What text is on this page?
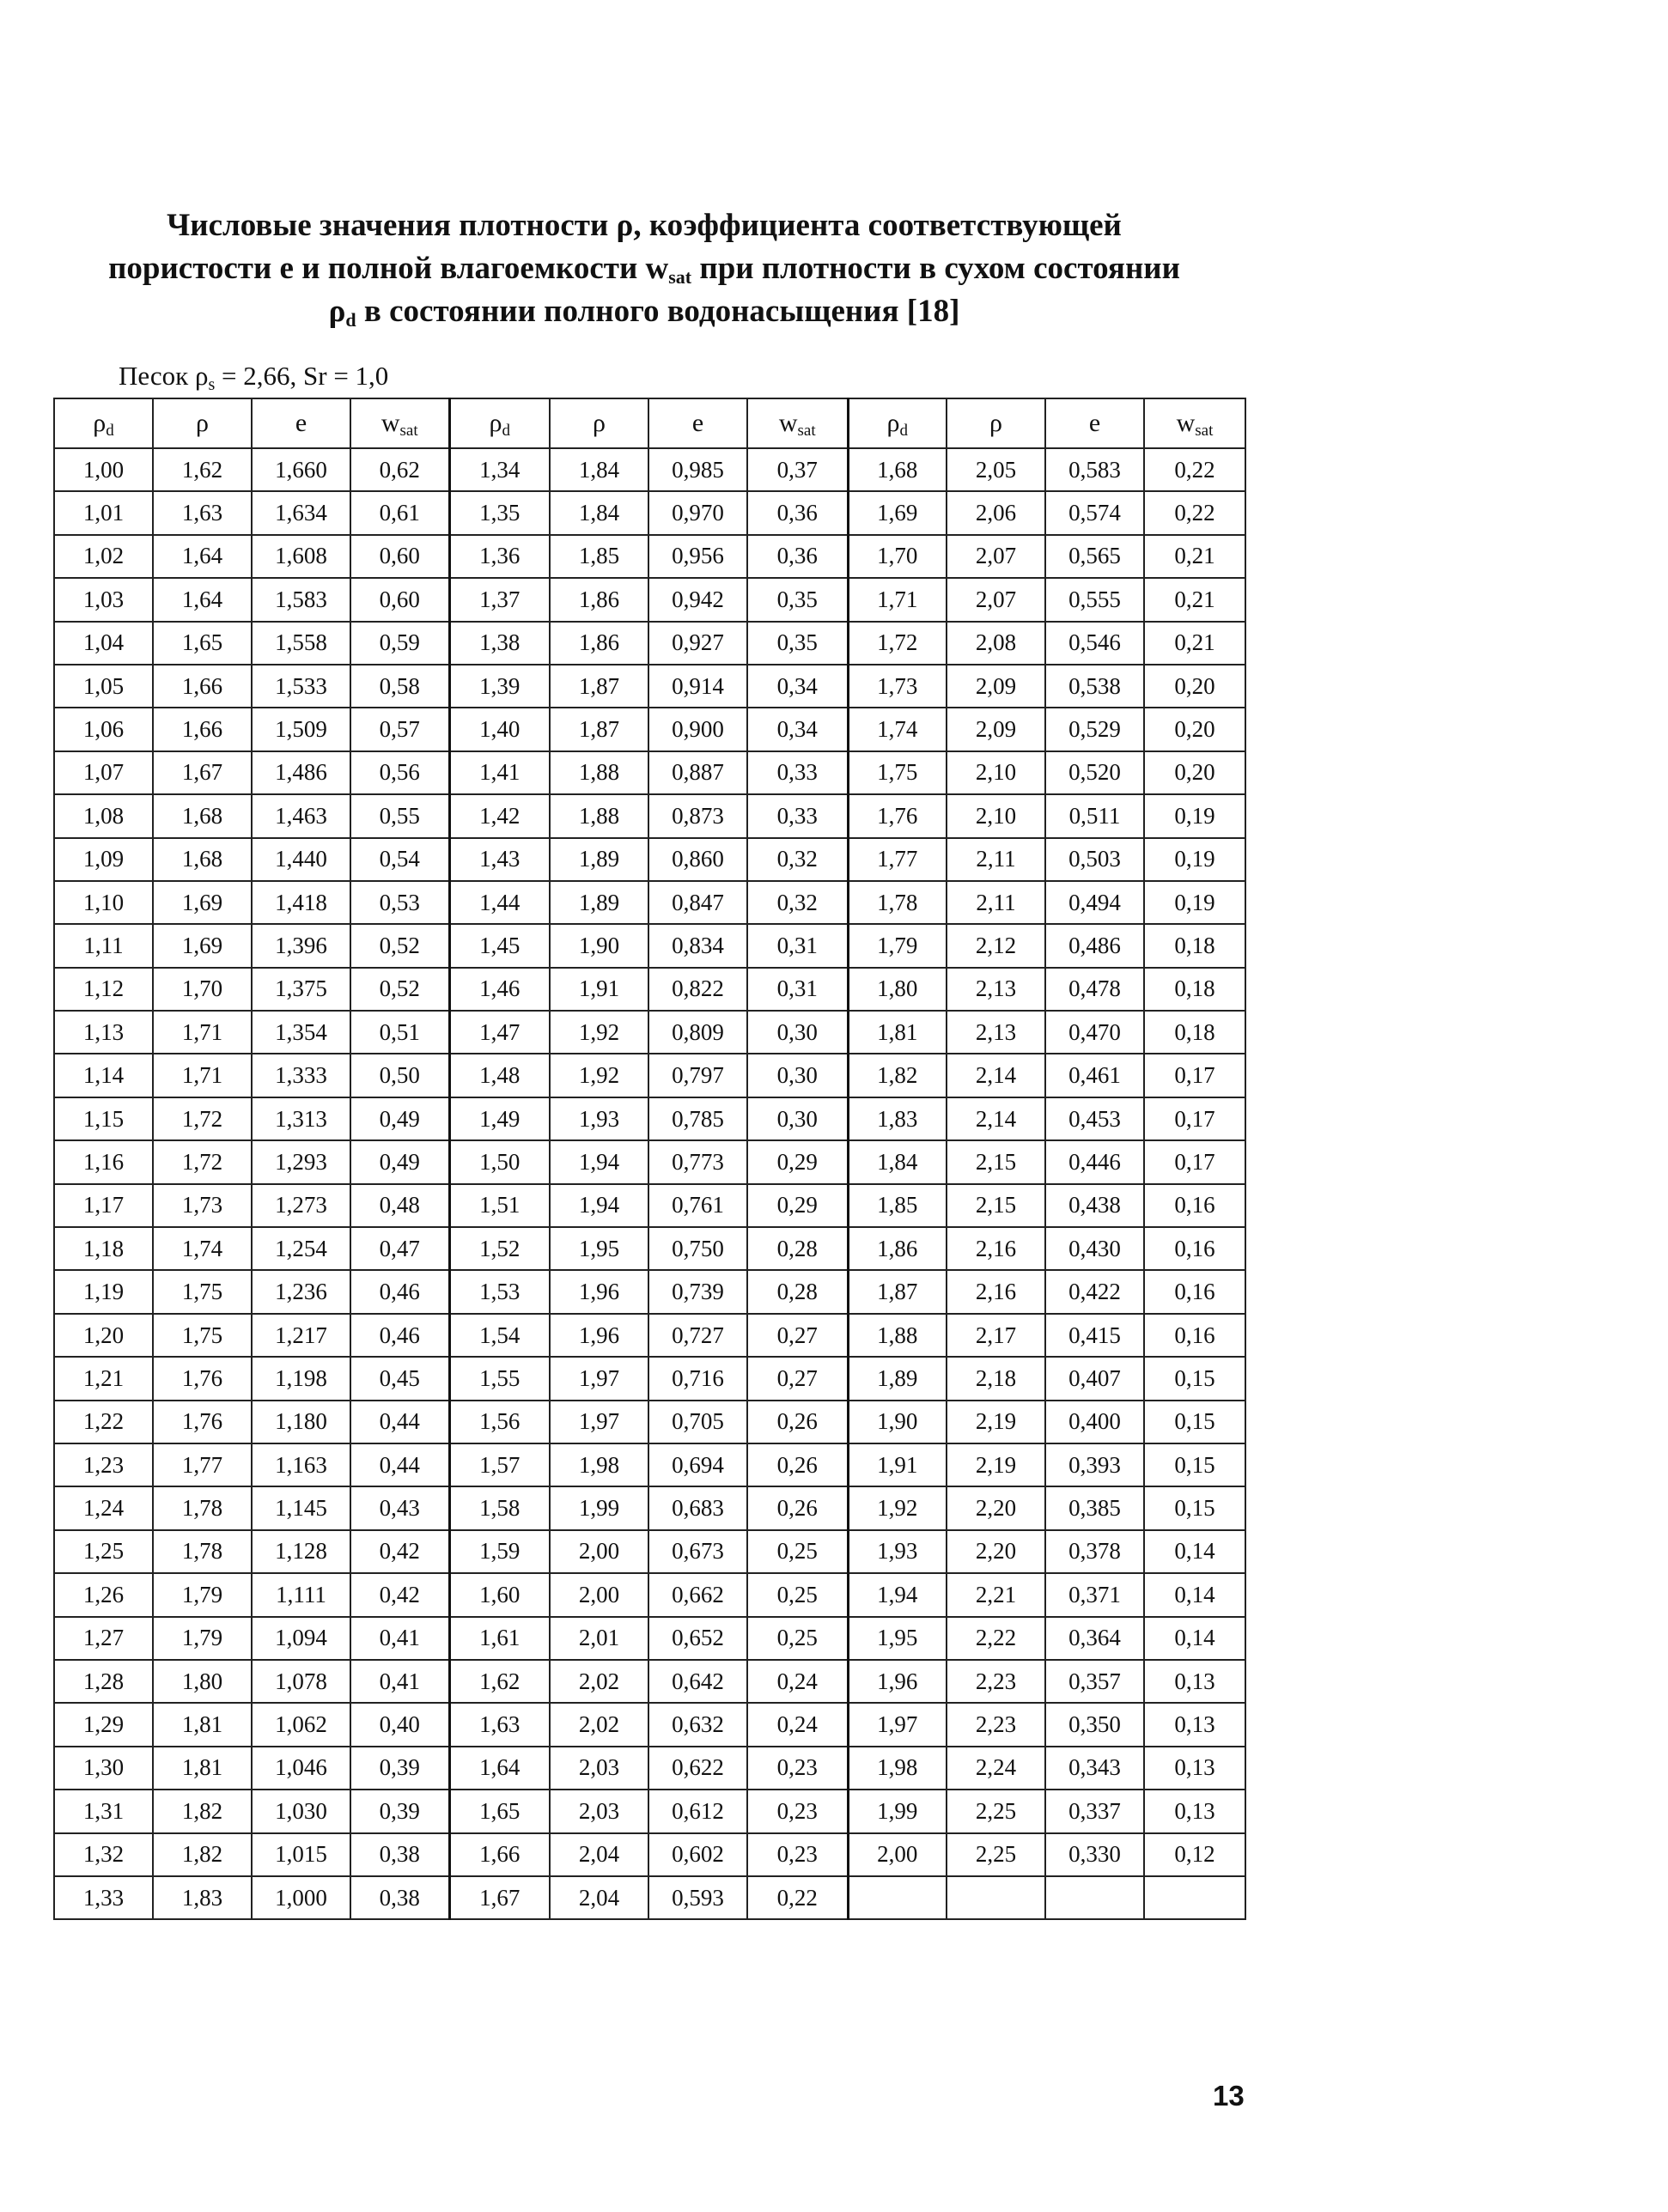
Числовые значения плотности ρ, коэффициента соответствующей
пористости e и полной влагоемкости $w_{sat}$ при плотности в сухом состоянии
$\rho_d$ в состоянии полного водонасыщения [18]
Песок $\rho_s = 2,66$, Sr = 1,0
$\rho_d$	ρ	e	$w_{sat}$	$\rho_d$	ρ	e	$w_{sat}$	$\rho_d$	ρ	e	$w_{sat}$
1,00	1,62	1,660	0,62	1,34	1,84	0,985	0,37	1,68	2,05	0,583	0,22
1,01	1,63	1,634	0,61	1,35	1,84	0,970	0,36	1,69	2,06	0,574	0,22
1,02	1,64	1,608	0,60	1,36	1,85	0,956	0,36	1,70	2,07	0,565	0,21
1,03	1,64	1,583	0,60	1,37	1,86	0,942	0,35	1,71	2,07	0,555	0,21
1,04	1,65	1,558	0,59	1,38	1,86	0,927	0,35	1,72	2,08	0,546	0,21
1,05	1,66	1,533	0,58	1,39	1,87	0,914	0,34	1,73	2,09	0,538	0,20
1,06	1,66	1,509	0,57	1,40	1,87	0,900	0,34	1,74	2,09	0,529	0,20
1,07	1,67	1,486	0,56	1,41	1,88	0,887	0,33	1,75	2,10	0,520	0,20
1,08	1,68	1,463	0,55	1,42	1,88	0,873	0,33	1,76	2,10	0,511	0,19
1,09	1,68	1,440	0,54	1,43	1,89	0,860	0,32	1,77	2,11	0,503	0,19
1,10	1,69	1,418	0,53	1,44	1,89	0,847	0,32	1,78	2,11	0,494	0,19
1,11	1,69	1,396	0,52	1,45	1,90	0,834	0,31	1,79	2,12	0,486	0,18
1,12	1,70	1,375	0,52	1,46	1,91	0,822	0,31	1,80	2,13	0,478	0,18
1,13	1,71	1,354	0,51	1,47	1,92	0,809	0,30	1,81	2,13	0,470	0,18
1,14	1,71	1,333	0,50	1,48	1,92	0,797	0,30	1,82	2,14	0,461	0,17
1,15	1,72	1,313	0,49	1,49	1,93	0,785	0,30	1,83	2,14	0,453	0,17
1,16	1,72	1,293	0,49	1,50	1,94	0,773	0,29	1,84	2,15	0,446	0,17
1,17	1,73	1,273	0,48	1,51	1,94	0,761	0,29	1,85	2,15	0,438	0,16
1,18	1,74	1,254	0,47	1,52	1,95	0,750	0,28	1,86	2,16	0,430	0,16
1,19	1,75	1,236	0,46	1,53	1,96	0,739	0,28	1,87	2,16	0,422	0,16
1,20	1,75	1,217	0,46	1,54	1,96	0,727	0,27	1,88	2,17	0,415	0,16
1,21	1,76	1,198	0,45	1,55	1,97	0,716	0,27	1,89	2,18	0,407	0,15
1,22	1,76	1,180	0,44	1,56	1,97	0,705	0,26	1,90	2,19	0,400	0,15
1,23	1,77	1,163	0,44	1,57	1,98	0,694	0,26	1,91	2,19	0,393	0,15
1,24	1,78	1,145	0,43	1,58	1,99	0,683	0,26	1,92	2,20	0,385	0,15
1,25	1,78	1,128	0,42	1,59	2,00	0,673	0,25	1,93	2,20	0,378	0,14
1,26	1,79	1,111	0,42	1,60	2,00	0,662	0,25	1,94	2,21	0,371	0,14
1,27	1,79	1,094	0,41	1,61	2,01	0,652	0,25	1,95	2,22	0,364	0,14
1,28	1,80	1,078	0,41	1,62	2,02	0,642	0,24	1,96	2,23	0,357	0,13
1,29	1,81	1,062	0,40	1,63	2,02	0,632	0,24	1,97	2,23	0,350	0,13
1,30	1,81	1,046	0,39	1,64	2,03	0,622	0,23	1,98	2,24	0,343	0,13
1,31	1,82	1,030	0,39	1,65	2,03	0,612	0,23	1,99	2,25	0,337	0,13
1,32	1,82	1,015	0,38	1,66	2,04	0,602	0,23	2,00	2,25	0,330	0,12
1,33	1,83	1,000	0,38	1,67	2,04	0,593	0,22				
13
